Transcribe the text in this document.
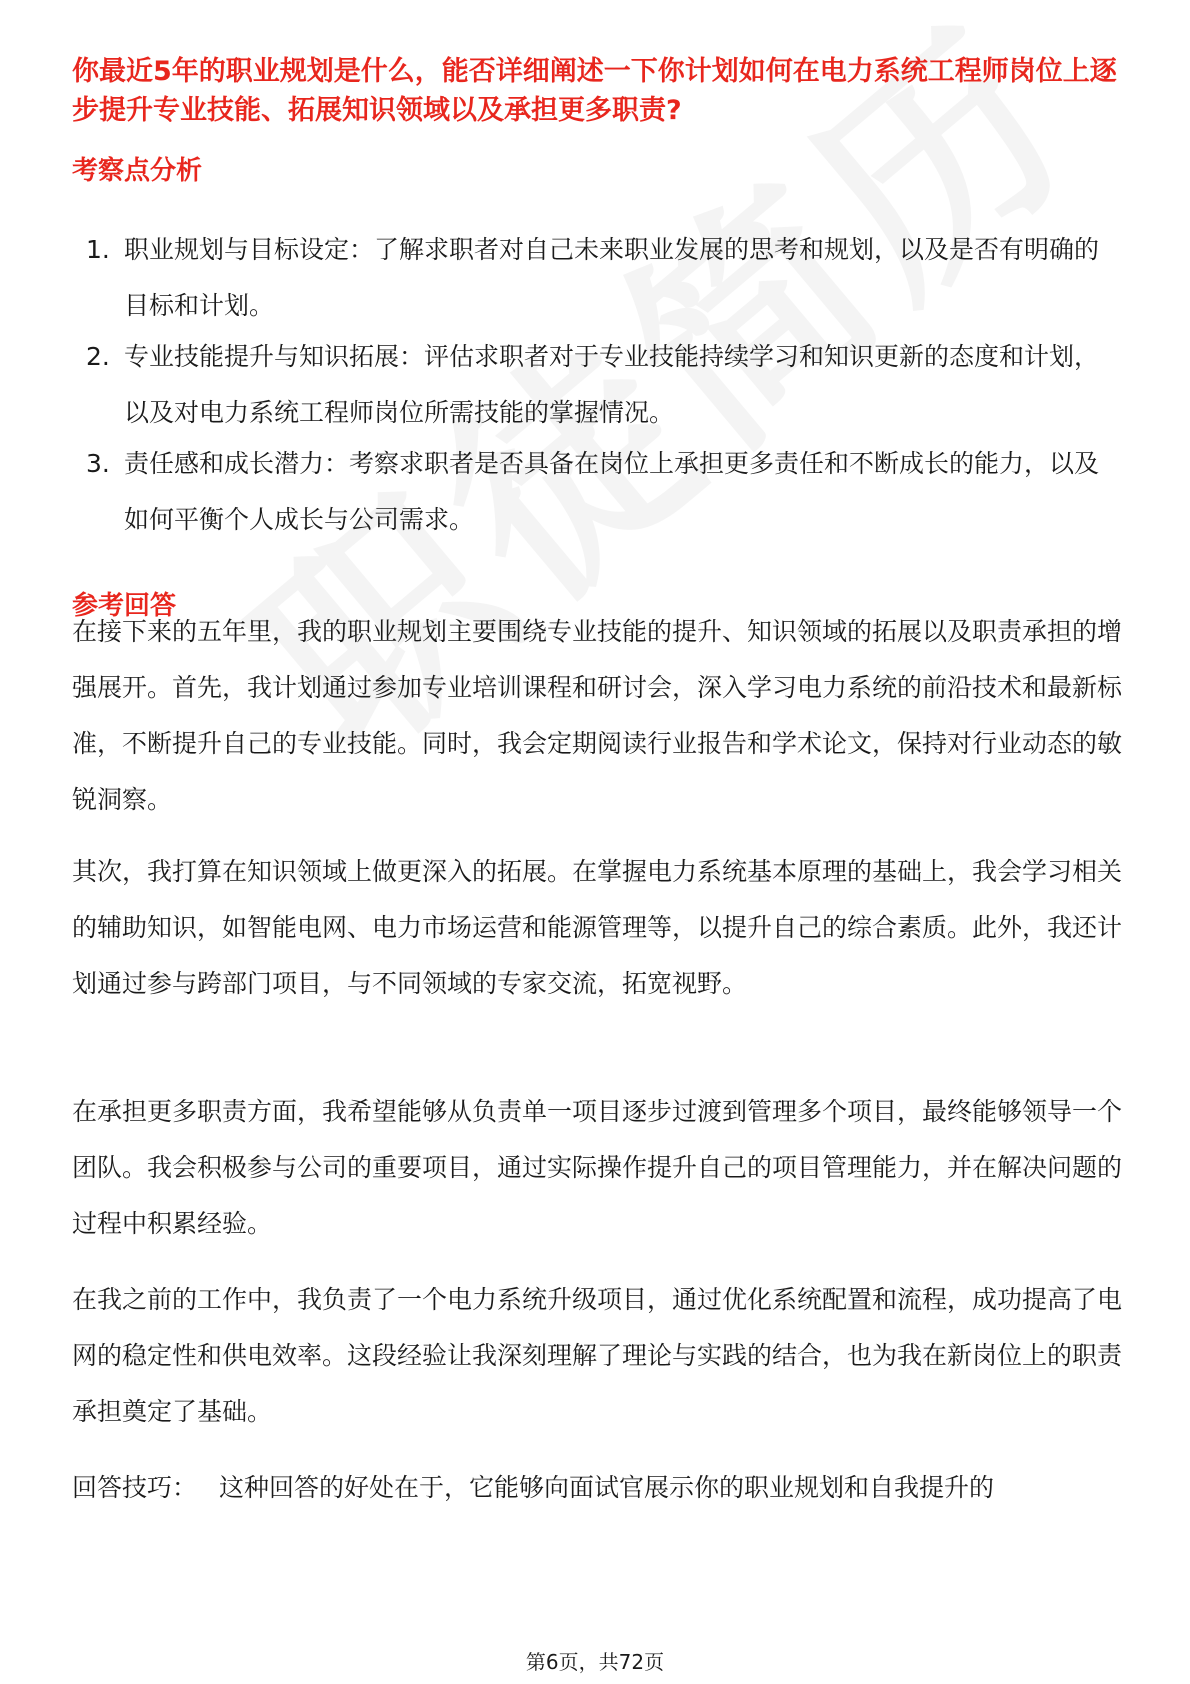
你最近5年的职业规划是什么，能否详细阐述一下你计划如何在电力系统工程师岗位上逐步提升专业技能、拓展知识领域以及承担更多职责?
考察点分析
1. 职业规划与目标设定：了解求职者对自己未来职业发展的思考和规划，以及是否有明确的目标和计划。
2. 专业技能提升与知识拓展：评估求职者对于专业技能持续学习和知识更新的态度和计划，以及对电力系统工程师岗位所需技能的掌握情况。
3. 责任感和成长潜力：考察求职者是否具备在岗位上承担更多责任和不断成长的能力，以及如何平衡个人成长与公司需求。
参考回答
在接下来的五年里，我的职业规划主要围绕专业技能的提升、知识领域的拓展以及职责承担的增强展开。首先，我计划通过参加专业培训课程和研讨会，深入学习电力系统的前沿技术和最新标准，不断提升自己的专业技能。同时，我会定期阅读行业报告和学术论文，保持对行业动态的敏锐洞察。
其次，我打算在知识领域上做更深入的拓展。在掌握电力系统基本原理的基础上，我会学习相关的辅助知识，如智能电网、电力市场运营和能源管理等，以提升自己的综合素质。此外，我还计划通过参与跨部门项目，与不同领域的专家交流，拓宽视野。
在承担更多职责方面，我希望能够从负责单一项目逐步过渡到管理多个项目，最终能够领导一个团队。我会积极参与公司的重要项目，通过实际操作提升自己的项目管理能力，并在解决问题的过程中积累经验。
在我之前的工作中，我负责了一个电力系统升级项目，通过优化系统配置和流程，成功提高了电网的稳定性和供电效率。这段经验让我深刻理解了理论与实践的结合，也为我在新岗位上的职责承担奠定了基础。
回答技巧： 这种回答的好处在于，它能够向面试官展示你的职业规划和自我提升的
第6页，共72页
